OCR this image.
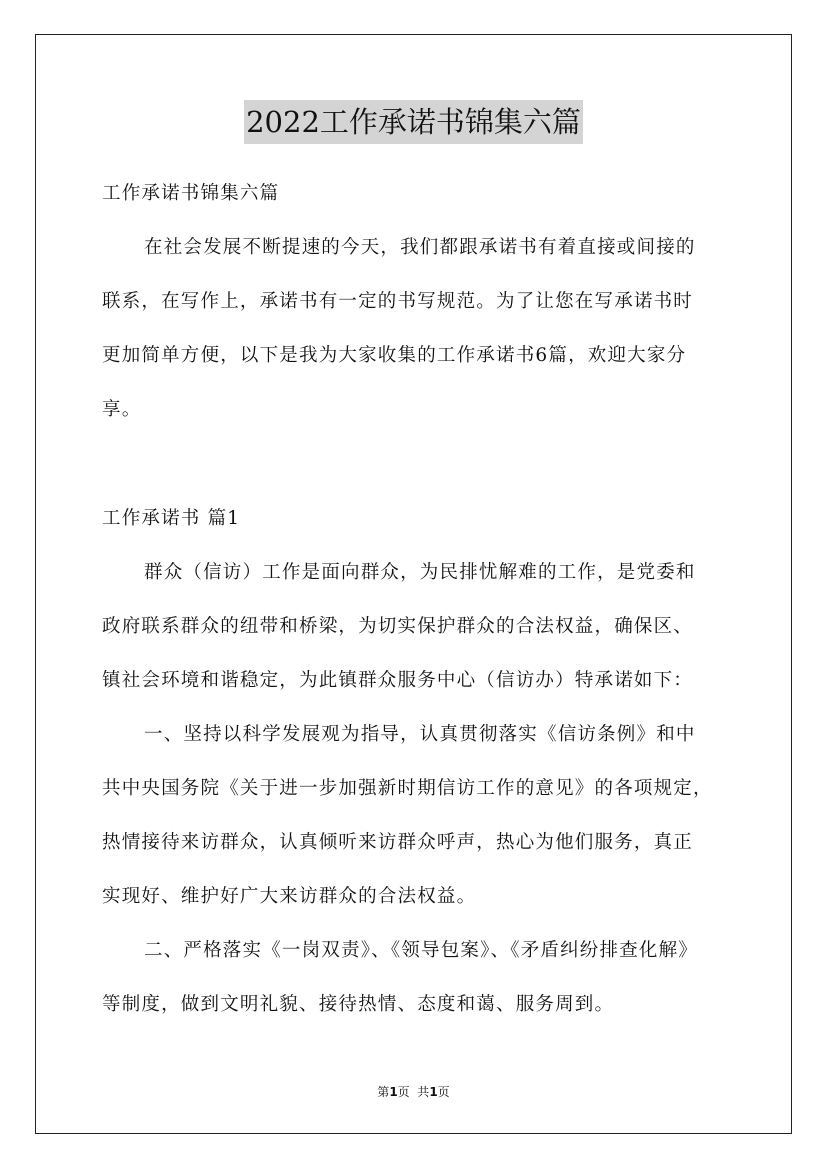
2022工作承诺书锦集六篇
工作承诺书锦集六篇
在社会发展不断提速的今天，我们都跟承诺书有着直接或间接的
联系，在写作上，承诺书有一定的书写规范。为了让您在写承诺书时
更加简单方便，以下是我为大家收集的工作承诺书6篇，欢迎大家分
享。
工作承诺书 篇1
群众（信访）工作是面向群众，为民排忧解难的工作，是党委和
政府联系群众的纽带和桥梁，为切实保护群众的合法权益，确保区、
镇社会环境和谐稳定，为此镇群众服务中心（信访办）特承诺如下：
一、坚持以科学发展观为指导，认真贯彻落实《信访条例》和中
共中央国务院《关于进一步加强新时期信访工作的意见》的各项规定，
热情接待来访群众，认真倾听来访群众呼声，热心为他们服务，真正
实现好、维护好广大来访群众的合法权益。
二、严格落实《一岗双责》、《领导包案》、《矛盾纠纷排查化解》
等制度，做到文明礼貌、接待热情、态度和蔼、服务周到。
第1页  共1页
